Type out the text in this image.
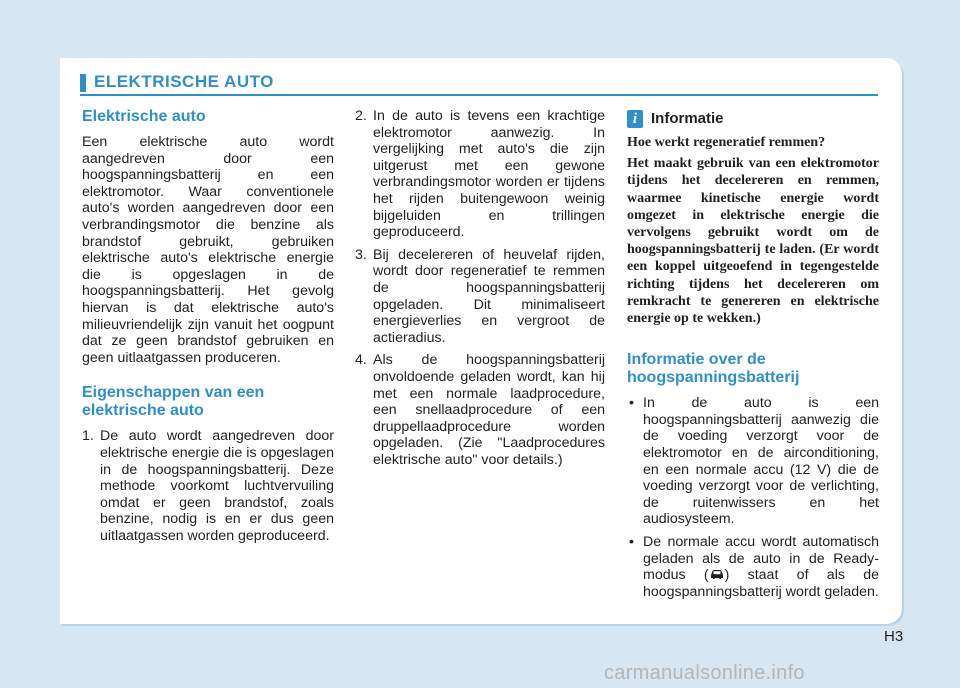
ELEKTRISCHE AUTO
Elektrische auto

Een elektrische auto wordt aangedreven door een hoogspanningsbatterij en een elektromotor. Waar conventionele auto's worden aangedreven door een verbrandingsmotor die benzine als brandstof gebruikt, gebruiken elektrische auto's elektrische energie die is opgeslagen in de hoogspanningsbatterij. Het gevolg hiervan is dat elektrische auto's milieuvriendelijk zijn vanuit het oogpunt dat ze geen brandstof gebruiken en geen uitlaatgassen produceren.

Eigenschappen van een elektrische auto
1. De auto wordt aangedreven door elektrische energie die is opgeslagen in de hoogspanningsbatterij. Deze methode voorkomt luchtvervuiling omdat er geen brandstof, zoals benzine, nodig is en er dus geen uitlaatgassen worden geproduceerd.
2. In de auto is tevens een krachtige elektromotor aanwezig. In vergelijking met auto's die zijn uitgerust met een gewone verbrandingsmotor worden er tijdens het rijden buitengewoon weinig bijgeluiden en trillingen geproduceerd.
3. Bij decelereren of heuvelaf rijden, wordt door regeneratief te remmen de hoogspanningsbatterij opgeladen. Dit minimaliseert energieverlies en vergroot de actieradius.
4. Als de hoogspanningsbatterij onvoldoende geladen wordt, kan hij met een normale laadprocedure, een snellaadprocedure of een druppellaadprocedure worden opgeladen. (Zie "Laadprocedures elektrische auto" voor details.)
i Informatie

Hoe werkt regeneratief remmen?

Het maakt gebruik van een elektromotor tijdens het decelereren en remmen, waarmee kinetische energie wordt omgezet in elektrische energie die vervolgens gebruikt wordt om de hoogspanningsbatterij te laden. (Er wordt een koppel uitgeoefend in tegengestelde richting tijdens het decelereren om remkracht te genereren en elektrische energie op te wekken.)

Informatie over de hoogspanningsbatterij
• In de auto is een hoogspanningsbatterij aanwezig die de voeding verzorgt voor de elektromotor en de airconditioning, en een normale accu (12 V) die de voeding verzorgt voor de verlichting, de ruitenwissers en het audiosysteem.
• De normale accu wordt automatisch geladen als de auto in de Ready-modus ( ) staat of als de hoogspanningsbatterij wordt geladen.
H3
carmanualsonline.info
